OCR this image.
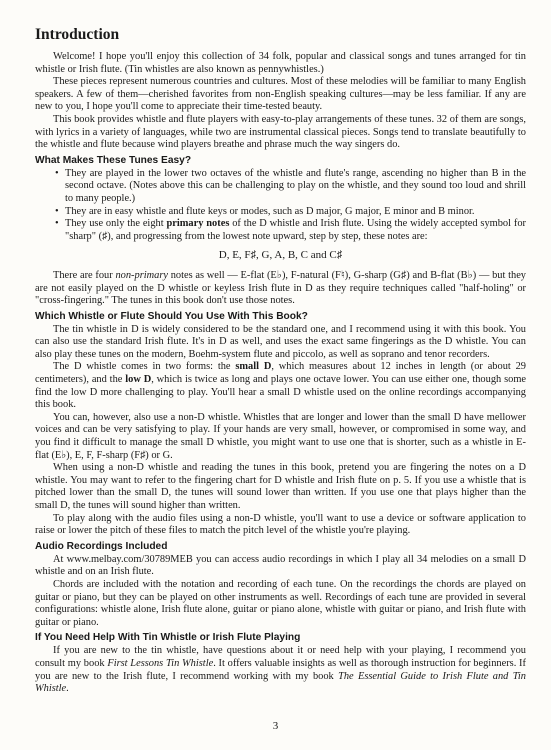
Introduction

Welcome! I hope you'll enjoy this collection of 34 folk, popular and classical songs and tunes arranged for tin whistle or Irish flute. (Tin whistles are also known as pennywhistles.)

These pieces represent numerous countries and cultures. Most of these melodies will be familiar to many English speakers. A few of them—cherished favorites from non-English speaking cultures—may be less familiar. If any are new to you, I hope you'll come to appreciate their time-tested beauty.

This book provides whistle and flute players with easy-to-play arrangements of these tunes. 32 of them are songs, with lyrics in a variety of languages, while two are instrumental classical pieces. Songs tend to translate beautifully to the whistle and flute because wind players breathe and phrase much the way singers do.

What Makes These Tunes Easy?
• They are played in the lower two octaves of the whistle and flute's range, ascending no higher than B in the second octave. (Notes above this can be challenging to play on the whistle, and they sound too loud and shrill to many people.)
• They are in easy whistle and flute keys or modes, such as D major, G major, E minor and B minor.
• They use only the eight primary notes of the D whistle and Irish flute. Using the widely accepted symbol for "sharp" (♯), and progressing from the lowest note upward, step by step, these notes are:

D, E, F♯, G, A, B, C and C♯

There are four non-primary notes as well — E-flat (E♭), F-natural (F♮), G-sharp (G♯) and B-flat (B♭) — but they are not easily played on the D whistle or keyless Irish flute in D as they require techniques called "half-holing" or "cross-fingering." The tunes in this book don't use those notes.

Which Whistle or Flute Should You Use With This Book?

The tin whistle in D is widely considered to be the standard one, and I recommend using it with this book. You can also use the standard Irish flute. It's in D as well, and uses the exact same fingerings as the D whistle. You can also play these tunes on the modern, Boehm-system flute and piccolo, as well as soprano and tenor recorders.

The D whistle comes in two forms: the small D, which measures about 12 inches in length (or about 29 centimeters), and the low D, which is twice as long and plays one octave lower. You can use either one, though some find the low D more challenging to play. You'll hear a small D whistle used on the online recordings accompanying this book.

You can, however, also use a non-D whistle. Whistles that are longer and lower than the small D have mellower voices and can be very satisfying to play. If your hands are very small, however, or compromised in some way, and you find it difficult to manage the small D whistle, you might want to use one that is shorter, such as a whistle in E-flat (E♭), E, F, F-sharp (F♯) or G.

When using a non-D whistle and reading the tunes in this book, pretend you are fingering the notes on a D whistle. You may want to refer to the fingering chart for D whistle and Irish flute on p. 5. If you use a whistle that is pitched lower than the small D, the tunes will sound lower than written. If you use one that plays higher than the small D, the tunes will sound higher than written.

To play along with the audio files using a non-D whistle, you'll want to use a device or software application to raise or lower the pitch of these files to match the pitch level of the whistle you're playing.

Audio Recordings Included

At www.melbay.com/30789MEB you can access audio recordings in which I play all 34 melodies on a small D whistle and on an Irish flute.

Chords are included with the notation and recording of each tune. On the recordings the chords are played on guitar or piano, but they can be played on other instruments as well. Recordings of each tune are provided in several configurations: whistle alone, Irish flute alone, guitar or piano alone, whistle with guitar or piano, and Irish flute with guitar or piano.

If You Need Help With Tin Whistle or Irish Flute Playing

If you are new to the tin whistle, have questions about it or need help with your playing, I recommend you consult my book First Lessons Tin Whistle. It offers valuable insights as well as thorough instruction for beginners. If you are new to the Irish flute, I recommend working with my book The Essential Guide to Irish Flute and Tin Whistle.

3
